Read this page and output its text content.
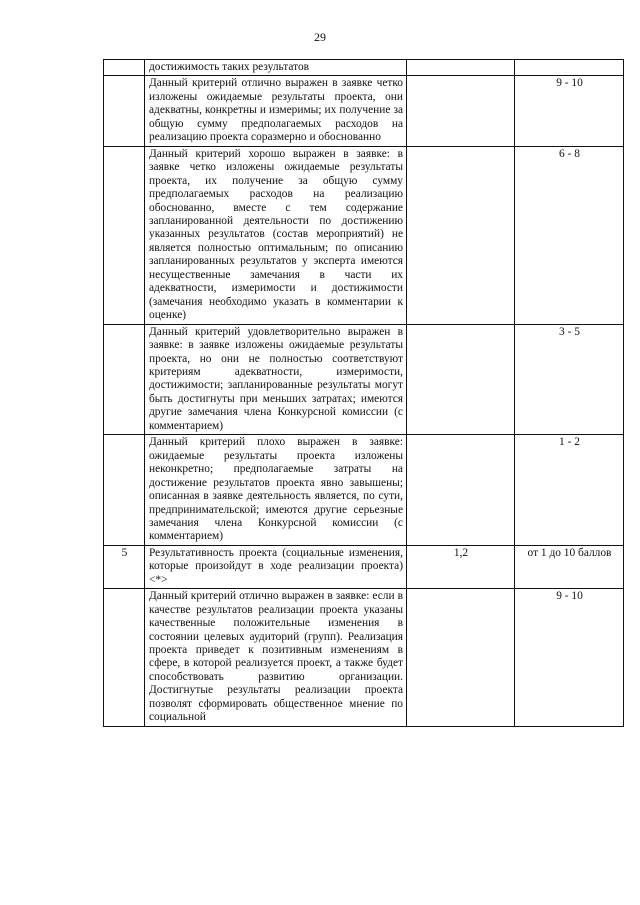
29
	достижимость таких результатов		
	Данный критерий отлично выражен в заявке четко изложены ожидаемые результаты проекта, они адекватны, конкретны и измеримы; их получение за общую сумму предполагаемых расходов на реализацию проекта соразмерно и обоснованно		9 - 10
	Данный критерий хорошо выражен в заявке: в заявке четко изложены ожидаемые результаты проекта, их получение за общую сумму предполагаемых расходов на реализацию обоснованно, вместе с тем содержание запланированной деятельности по достижению указанных результатов (состав мероприятий) не является полностью оптимальным; по описанию запланированных результатов у эксперта имеются несущественные замечания в части их адекватности, измеримости и достижимости (замечания необходимо указать в комментарии к оценке)		6 - 8
	Данный критерий удовлетворительно выражен в заявке: в заявке изложены ожидаемые результаты проекта, но они не полностью соответствуют критериям адекватности, измеримости, достижимости; запланированные результаты могут быть достигнуты при меньших затратах; имеются другие замечания члена Конкурсной комиссии (с комментарием)		3 - 5
	Данный критерий плохо выражен в заявке: ожидаемые результаты проекта изложены неконкретно; предполагаемые затраты на достижение результатов проекта явно завышены; описанная в заявке деятельность является, по сути, предпринимательской; имеются другие серьезные замечания члена Конкурсной комиссии (с комментарием)		1 - 2
5	Результативность проекта (социальные изменения, которые произойдут в ходе реализации проекта) <*>	1,2	от 1 до 10 баллов
	Данный критерий отлично выражен в заявке: если в качестве результатов реализации проекта указаны качественные положительные изменения в состоянии целевых аудиторий (групп). Реализация проекта приведет к позитивным изменениям в сфере, в которой реализуется проект, а также будет способствовать развитию организации. Достигнутые результаты реализации проекта позволят сформировать общественное мнение по социальной		9 - 10
